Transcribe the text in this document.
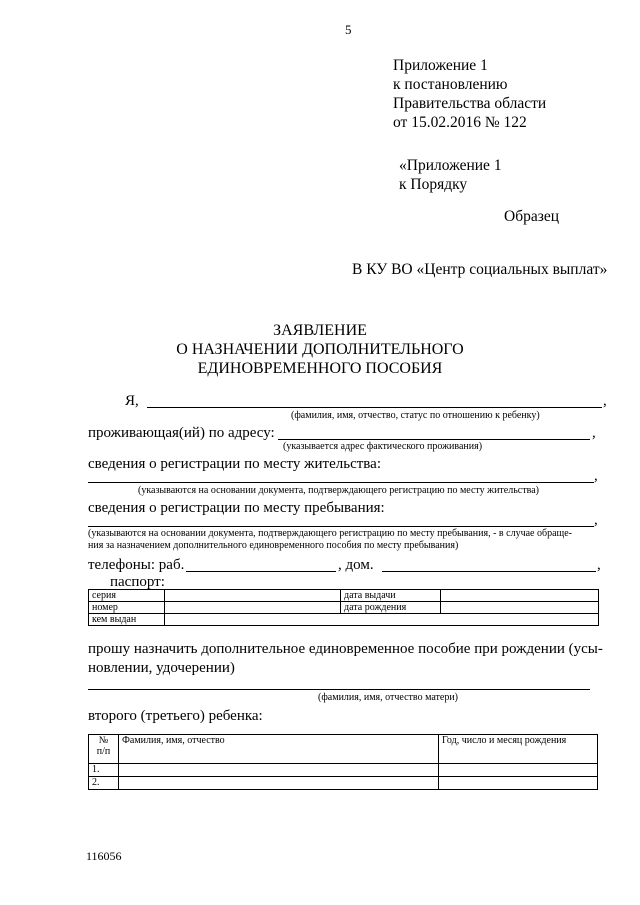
5
Приложение 1
к постановлению
Правительства области
от 15.02.2016 № 122
«Приложение 1
к Порядку
Образец
В КУ ВО «Центр социальных выплат»
ЗАЯВЛЕНИЕ
О НАЗНАЧЕНИИ ДОПОЛНИТЕЛЬНОГО
ЕДИНОВРЕМЕННОГО ПОСОБИЯ
Я,	,
(фамилия, имя, отчество, статус по отношению к ребенку)
проживающая(ий) по адресу:	,
(указывается адрес фактического проживания)
сведения о регистрации по месту жительства:
,
(указываются на основании документа, подтверждающего регистрацию по месту жительства)
сведения о регистрации по месту пребывания:
,
(указываются на основании документа, подтверждающего регистрацию по месту пребывания, - в случае обраще-
ния за назначением дополнительного единовременного пособия по месту пребывания)
телефоны: раб.	, дом.	,
паспорт:
серия		дата выдачи	
номер		дата рождения	
кем выдан			
прошу назначить дополнительное единовременное пособие при рождении (усы-
новлении, удочерении)
(фамилия, имя, отчество матери)
второго (третьего) ребенка:
№
п/п	Фамилия, имя, отчество	Год, число и месяц рождения
1.		
2.		
116056
